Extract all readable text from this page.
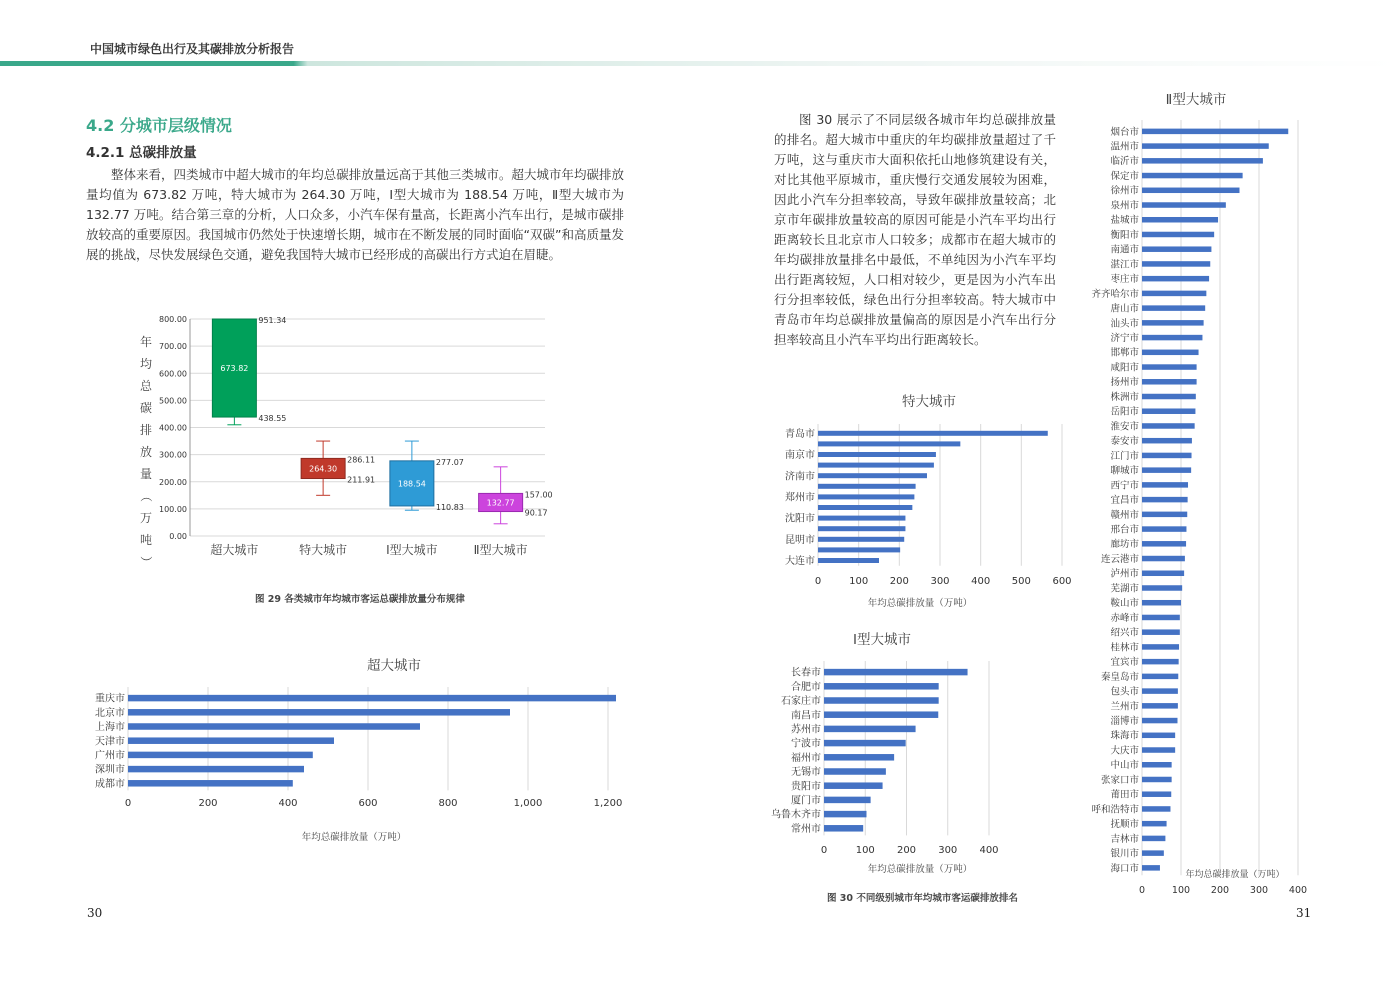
中国城市绿色出行及其碳排放分析报告
4.2 分城市层级情况
4.2.1 总碳排放量
整体来看，四类城市中超大城市的年均总碳排放量远高于其他三类城市。超大城市年均碳排放量均值为 673.82 万吨，特大城市为 264.30 万吨，Ⅰ型大城市为 188.54 万吨，Ⅱ型大城市为 132.77 万吨。结合第三章的分析，人口众多，小汽车保有量高，长距离小汽车出行，是城市碳排放较高的重要原因。我国城市仍然处于快速增长期，城市在不断发展的同时面临“双碳”和高质量发展的挑战，尽快发展绿色交通，避免我国特大城市已经形成的高碳出行方式迫在眉睫。
0.00
100.00
200.00
300.00
400.00
500.00
600.00
700.00
800.00
年
均
总
碳
排
放
量
（
万
吨
）
673.82
951.34
438.55
超大城市
264.30
286.11
211.91
特大城市
188.54
277.07
110.83
Ⅰ型大城市
132.77
157.00
90.17
Ⅱ型大城市
图 29 各类城市年均城市客运总碳排放量分布规律
0	200	400	600	800	1,000	1,200
重庆市
北京市
上海市
天津市
广州市
深圳市
成都市
超大城市
年均总碳排放量（万吨）
图 30 展示了不同层级各城市年均总碳排放量的排名。超大城市中重庆的年均碳排放量超过了千万吨，这与重庆市大面积依托山地修筑建设有关，对比其他平原城市，重庆慢行交通发展较为困难，因此小汽车分担率较高，导致年碳排放量较高；北京市年碳排放量较高的原因可能是小汽车平均出行距离较长且北京市人口较多；成都市在超大城市的年均碳排放量排名中最低，不单纯因为小汽车平均出行距离较短，人口相对较少，更是因为小汽车出行分担率较低，绿色出行分担率较高。特大城市中青岛市年均总碳排放量偏高的原因是小汽车出行分担率较高且小汽车平均出行距离较长。
0	100 200 300 400 500 600
青岛市
南京市
济南市
郑州市
沈阳市
昆明市
大连市
特大城市
年均总碳排放量（万吨）
0	100 200 300 400
长春市
合肥市
石家庄市
南昌市
苏州市
宁波市
福州市
无锡市
贵阳市
厦门市
乌鲁木齐市
常州市
Ⅰ型大城市
年均总碳排放量（万吨）
图 30 不同级别城市年均城市客运碳排放排名
0	100 200 300 400
烟台市
温州市
临沂市
保定市
徐州市
泉州市
盐城市
衡阳市
南通市
湛江市
枣庄市
齐齐哈尔市
唐山市
汕头市
济宁市
邯郸市
咸阳市
扬州市
株洲市
岳阳市
淮安市
泰安市
江门市
聊城市
西宁市
宜昌市
赣州市
邢台市
廊坊市
连云港市
泸州市
芜湖市
鞍山市
赤峰市
绍兴市
桂林市
宜宾市
秦皇岛市
包头市
兰州市
淄博市
珠海市
大庆市
中山市
张家口市
莆田市
呼和浩特市
抚顺市
吉林市
银川市
海口市
Ⅱ型大城市
年均总碳排放量（万吨）
30	31
